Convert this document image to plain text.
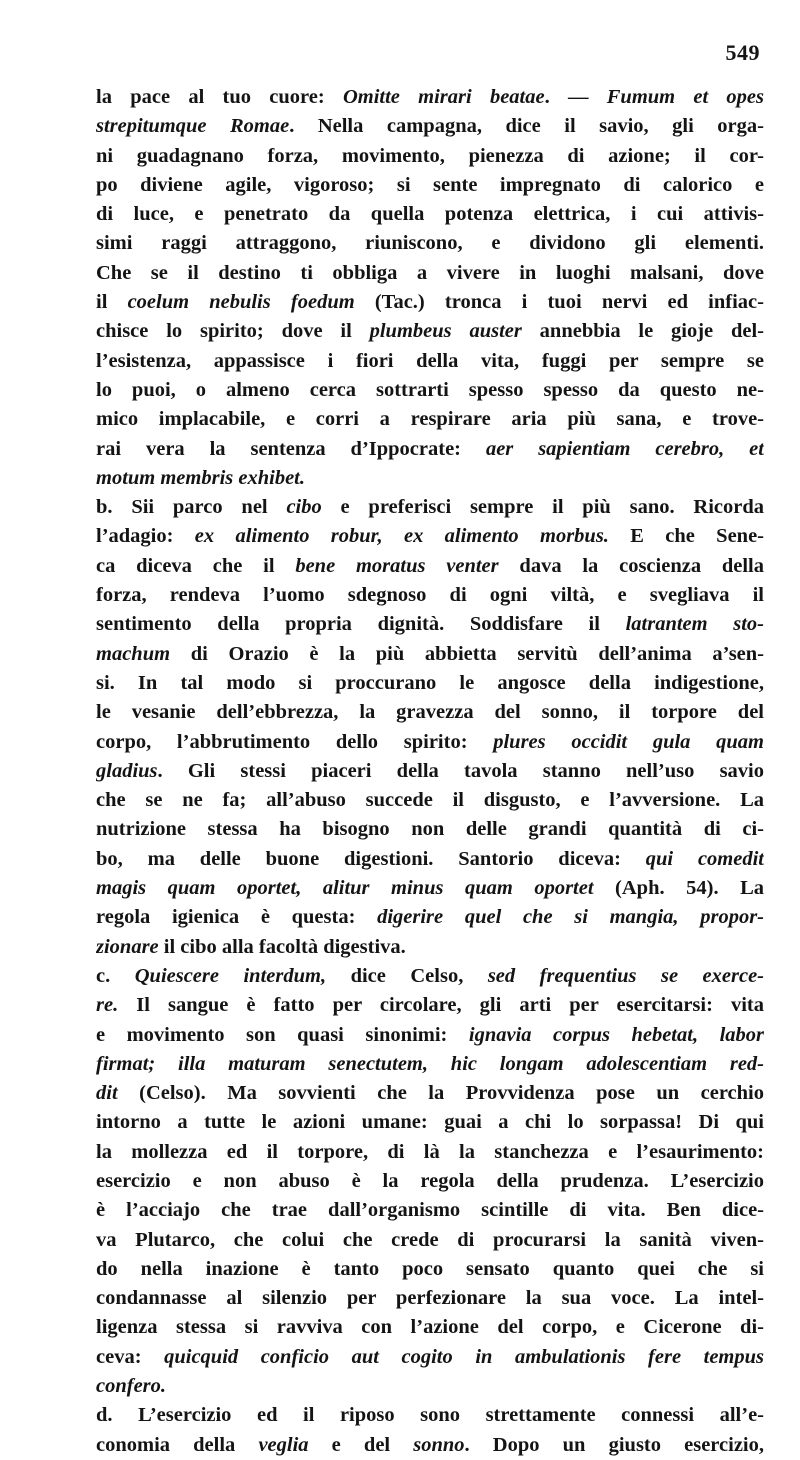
549
la pace al tuo cuore: Omitte mirari beatae. — Fumum et opes
strepitumque Romae. Nella campagna, dice il savio, gli orga-
ni guadagnano forza, movimento, pienezza di azione; il cor-
po diviene agile, vigoroso; si sente impregnato di calorico e
di luce, e penetrato da quella potenza elettrica, i cui attivis-
simi raggi attraggono, riuniscono, e dividono gli elementi.
Che se il destino ti obbliga a vivere in luoghi malsani, dove
il coelum nebulis foedum (Tac.) tronca i tuoi nervi ed infiac-
chisce lo spirito; dove il plumbeus auster annebbia le gioje del-
l’esistenza, appassisce i fiori della vita, fuggi per sempre se
lo puoi, o almeno cerca sottrarti spesso spesso da questo ne-
mico implacabile, e corri a respirare aria più sana, e trove-
rai vera la sentenza d’Ippocrate: aer sapientiam cerebro, et
motum membris exhibet.
b. Sii parco nel cibo e preferisci sempre il più sano. Ricorda
l’adagio: ex alimento robur, ex alimento morbus. E che Sene-
ca diceva che il bene moratus venter dava la coscienza della
forza, rendeva l’uomo sdegnoso di ogni viltà, e svegliava il
sentimento della propria dignità. Soddisfare il latrantem sto-
machum di Orazio è la più abbietta servitù dell’anima a’sen-
si. In tal modo si proccurano le angosce della indigestione,
le vesanie dell’ebbrezza, la gravezza del sonno, il torpore del
corpo, l’abbrutimento dello spirito: plures occidit gula quam
gladius. Gli stessi piaceri della tavola stanno nell’uso savio
che se ne fa; all’abuso succede il disgusto, e l’avversione. La
nutrizione stessa ha bisogno non delle grandi quantità di ci-
bo, ma delle buone digestioni. Santorio diceva: qui comedit
magis quam oportet, alitur minus quam oportet (Aph. 54). La
regola igienica è questa: digerire quel che si mangia, propor-
zionare il cibo alla facoltà digestiva.
c. Quiescere interdum, dice Celso, sed frequentius se exerce-
re. Il sangue è fatto per circolare, gli arti per esercitarsi: vita
e movimento son quasi sinonimi: ignavia corpus hebetat, labor
firmat; illa maturam senectutem, hic longam adolescentiam red-
dit (Celso). Ma sovvienti che la Provvidenza pose un cerchio
intorno a tutte le azioni umane: guai a chi lo sorpassa! Di qui
la mollezza ed il torpore, di là la stanchezza e l’esaurimento:
esercizio e non abuso è la regola della prudenza. L’esercizio
è l’acciajo che trae dall’organismo scintille di vita. Ben dice-
va Plutarco, che colui che crede di procurarsi la sanità viven-
do nella inazione è tanto poco sensato quanto quei che si
condannasse al silenzio per perfezionare la sua voce. La intel-
ligenza stessa si ravviva con l’azione del corpo, e Cicerone di-
ceva: quicquid conficio aut cogito in ambulationis fere tempus
confero.
d. L’esercizio ed il riposo sono strettamente connessi all’e-
conomia della veglia e del sonno. Dopo un giusto esercizio,
